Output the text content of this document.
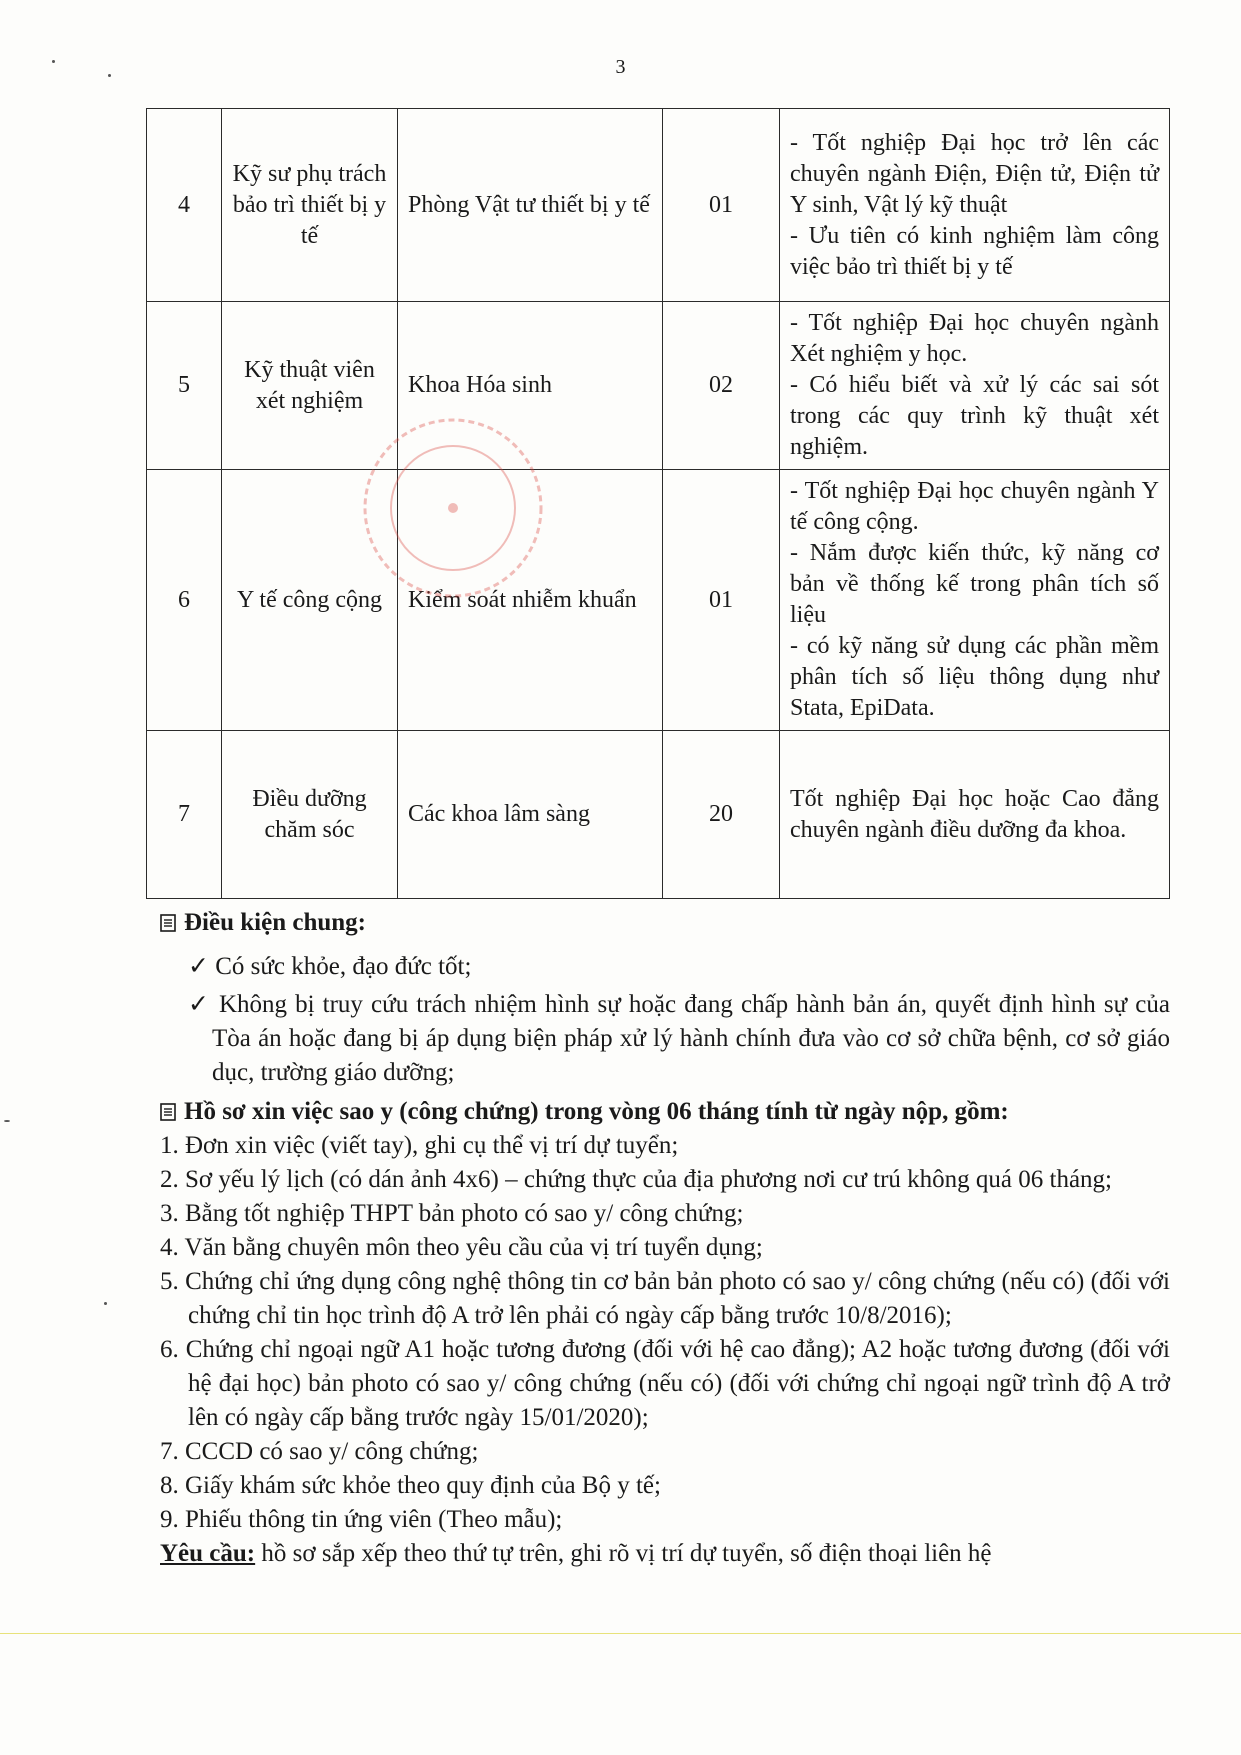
3
4	Kỹ sư phụ trách bảo trì thiết bị y tế	Phòng Vật tư thiết bị y tế	01	- Tốt nghiệp Đại học trở lên các chuyên ngành Điện, Điện tử, Điện tử Y sinh, Vật lý kỹ thuật
- Ưu tiên có kinh nghiệm làm công việc bảo trì thiết bị y tế

5	Kỹ thuật viên xét nghiệm	Khoa Hóa sinh	02	- Tốt nghiệp Đại học chuyên ngành Xét nghiệm y học.
- Có hiểu biết và xử lý các sai sót trong các quy trình kỹ thuật xét nghiệm.

6	Y tế công cộng	Kiểm soát nhiễm khuẩn	01	- Tốt nghiệp Đại học chuyên ngành Y tế công cộng.
- Nắm được kiến thức, kỹ năng cơ bản về thống kế trong phân tích số liệu
- có kỹ năng sử dụng các phần mềm phân tích số liệu thông dụng như Stata, EpiData.

7	Điều dưỡng chăm sóc	Các khoa lâm sàng	20	Tốt nghiệp Đại học hoặc Cao đẳng chuyên ngành điều dưỡng đa khoa.
Điều kiện chung:
✓ Có sức khỏe, đạo đức tốt;
✓ Không bị truy cứu trách nhiệm hình sự hoặc đang chấp hành bản án, quyết định hình sự của Tòa án hoặc đang bị áp dụng biện pháp xử lý hành chính đưa vào cơ sở chữa bệnh, cơ sở giáo dục, trường giáo dưỡng;
Hồ sơ xin việc sao y (công chứng) trong vòng 06 tháng tính từ ngày nộp, gồm:
1. Đơn xin việc (viết tay), ghi cụ thể vị trí dự tuyển;
2. Sơ yếu lý lịch (có dán ảnh 4x6) – chứng thực của địa phương nơi cư trú không quá 06 tháng;
3. Bằng tốt nghiệp THPT bản photo có sao y/ công chứng;
4. Văn bằng chuyên môn theo yêu cầu của vị trí tuyển dụng;
5. Chứng chỉ ứng dụng công nghệ thông tin cơ bản bản photo có sao y/ công chứng (nếu có) (đối với chứng chỉ tin học trình độ A trở lên phải có ngày cấp bằng trước 10/8/2016);
6. Chứng chỉ ngoại ngữ A1 hoặc tương đương (đối với hệ cao đẳng); A2 hoặc tương đương (đối với hệ đại học) bản photo có sao y/ công chứng (nếu có) (đối với chứng chỉ ngoại ngữ trình độ A trở lên có ngày cấp bằng trước ngày 15/01/2020);
7. CCCD có sao y/ công chứng;
8. Giấy khám sức khỏe theo quy định của Bộ y tế;
9. Phiếu thông tin ứng viên (Theo mẫu);
Yêu cầu: hồ sơ sắp xếp theo thứ tự trên, ghi rõ vị trí dự tuyển, số điện thoại liên hệ
